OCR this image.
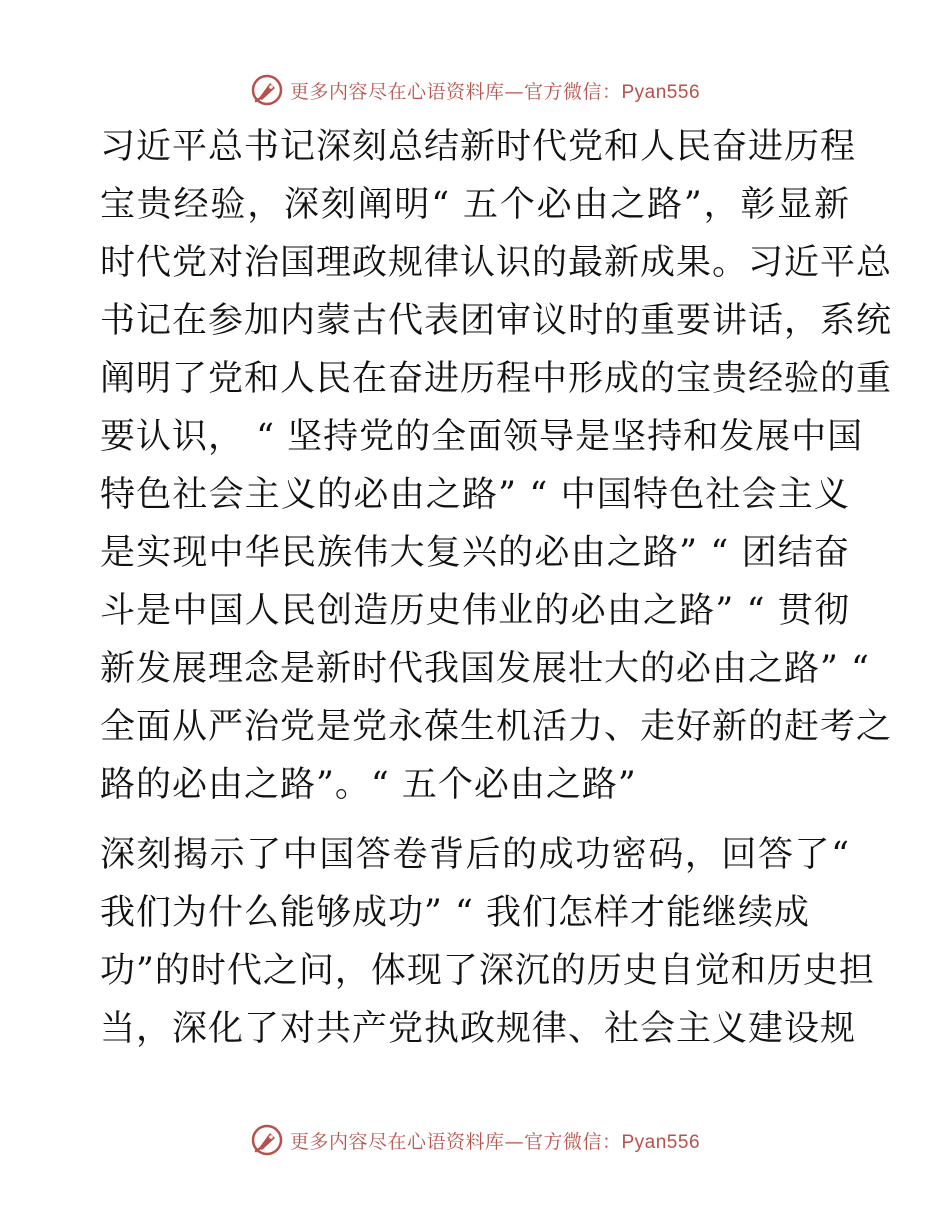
更多内容尽在心语资料库—官方微信：Pyan556
习近平总书记深刻总结新时代党和人民奋进历程
宝贵经验，深刻阐明“ 五个必由之路”，彰显新
时代党对治国理政规律认识的最新成果。习近平总
书记在参加内蒙古代表团审议时的重要讲话，系统
阐明了党和人民在奋进历程中形成的宝贵经验的重
要认识， “ 坚持党的全面领导是坚持和发展中国
特色社会主义的必由之路” “ 中国特色社会主义
是实现中华民族伟大复兴的必由之路” “ 团结奋
斗是中国人民创造历史伟业的必由之路” “ 贯彻
新发展理念是新时代我国发展壮大的必由之路” “
全面从严治党是党永葆生机活力、走好新的赶考之
路的必由之路”。“ 五个必由之路”
深刻揭示了中国答卷背后的成功密码，回答了“
我们为什么能够成功” “ 我们怎样才能继续成
功”的时代之问，体现了深沉的历史自觉和历史担
当，深化了对共产党执政规律、社会主义建设规
更多内容尽在心语资料库—官方微信：Pyan556
